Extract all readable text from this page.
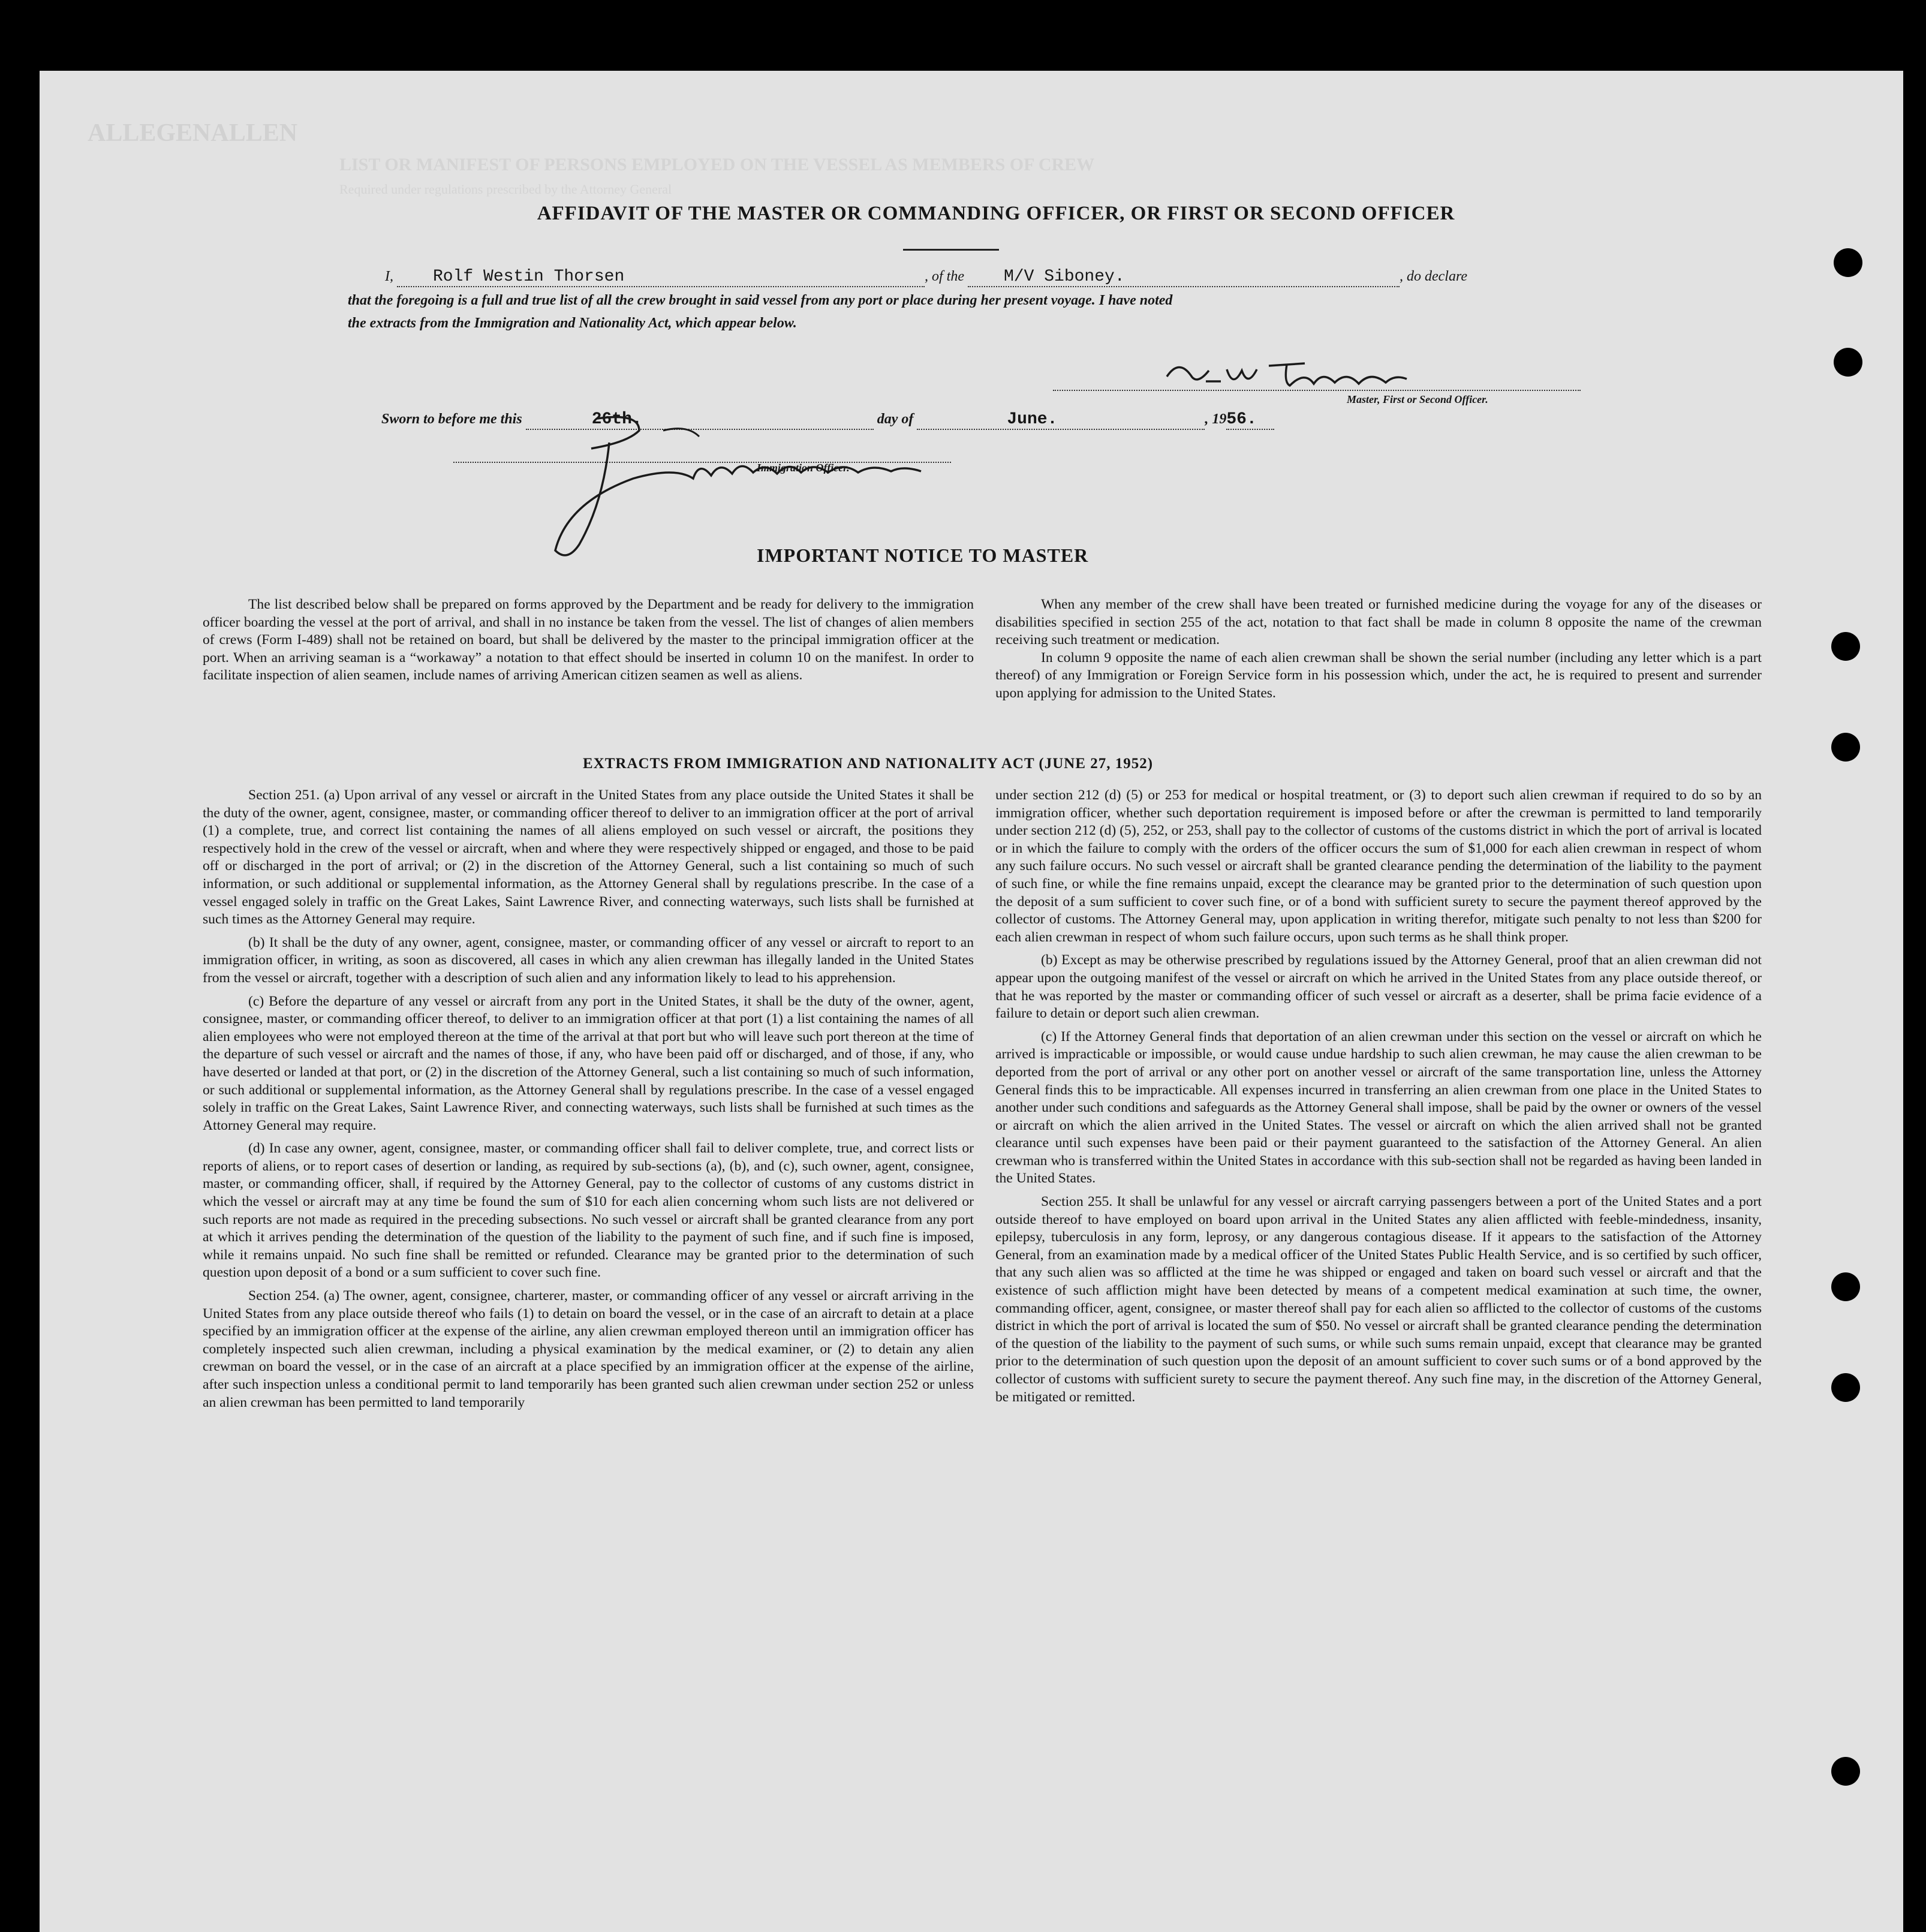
ALLEGENALLEN
LIST OR MANIFEST OF PERSONS EMPLOYED ON THE VESSEL AS MEMBERS OF CREW
Required under regulations prescribed by the Attorney General
AFFIDAVIT OF THE MASTER OR COMMANDING OFFICER, OR FIRST OR SECOND OFFICER
I, Rolf Westin Thorsen	, of the M/V Siboney.	, do declare
that the foregoing is a full and true list of all the crew brought in said vessel from any port or place during her present voyage. I have noted
the extracts from the Immigration and Nationality Act, which appear below.
Master, First or Second Officer.
Sworn to before me this	26th.	day of	June.	, 1956.
Immigration Officer.
IMPORTANT NOTICE TO MASTER

The list described below shall be prepared on forms approved by the Department and be ready for delivery to the immigration officer boarding the vessel at the port of arrival, and shall in no instance be taken from the vessel. The list of changes of alien members of crews (Form I-489) shall not be retained on board, but shall be delivered by the master to the principal immigration officer at the port. When an arriving seaman is a “workaway” a notation to that effect should be inserted in column 10 on the manifest. In order to facilitate inspection of alien seamen, include names of arriving American citizen seamen as well as aliens.

When any member of the crew shall have been treated or furnished medicine during the voyage for any of the diseases or disabilities specified in section 255 of the act, notation to that fact shall be made in column 8 opposite the name of the crewman receiving such treatment or medication.

In column 9 opposite the name of each alien crewman shall be shown the serial number (including any letter which is a part thereof) of any Immigration or Foreign Service form in his possession which, under the act, he is required to present and surrender upon applying for admission to the United States.

EXTRACTS FROM IMMIGRATION AND NATIONALITY ACT (JUNE 27, 1952)

Section 251. (a) Upon arrival of any vessel or aircraft in the United States from any place outside the United States it shall be the duty of the owner, agent, consignee, master, or commanding officer thereof to deliver to an immigration officer at the port of arrival (1) a complete, true, and correct list containing the names of all aliens employed on such vessel or aircraft, the positions they respectively hold in the crew of the vessel or aircraft, when and where they were respectively shipped or engaged, and those to be paid off or discharged in the port of arrival; or (2) in the discretion of the Attorney General, such a list containing so much of such information, or such additional or supplemental information, as the Attorney General shall by regulations prescribe. In the case of a vessel engaged solely in traffic on the Great Lakes, Saint Lawrence River, and connecting waterways, such lists shall be furnished at such times as the Attorney General may require.

(b) It shall be the duty of any owner, agent, consignee, master, or commanding officer of any vessel or aircraft to report to an immigration officer, in writing, as soon as discovered, all cases in which any alien crewman has illegally landed in the United States from the vessel or aircraft, together with a description of such alien and any information likely to lead to his apprehension.

(c) Before the departure of any vessel or aircraft from any port in the United States, it shall be the duty of the owner, agent, consignee, master, or commanding officer thereof, to deliver to an immigration officer at that port (1) a list containing the names of all alien employees who were not employed thereon at the time of the arrival at that port but who will leave such port thereon at the time of the departure of such vessel or aircraft and the names of those, if any, who have been paid off or discharged, and of those, if any, who have deserted or landed at that port, or (2) in the discretion of the Attorney General, such a list containing so much of such information, or such additional or supplemental information, as the Attorney General shall by regulations prescribe. In the case of a vessel engaged solely in traffic on the Great Lakes, Saint Lawrence River, and connecting waterways, such lists shall be furnished at such times as the Attorney General may require.

(d) In case any owner, agent, consignee, master, or commanding officer shall fail to deliver complete, true, and correct lists or reports of aliens, or to report cases of desertion or landing, as required by sub-sections (a), (b), and (c), such owner, agent, consignee, master, or commanding officer, shall, if required by the Attorney General, pay to the collector of customs of any customs district in which the vessel or aircraft may at any time be found the sum of $10 for each alien concerning whom such lists are not delivered or such reports are not made as required in the preceding subsections. No such vessel or aircraft shall be granted clearance from any port at which it arrives pending the determination of the question of the liability to the payment of such fine, and if such fine is imposed, while it remains unpaid. No such fine shall be remitted or refunded. Clearance may be granted prior to the determination of such question upon deposit of a bond or a sum sufficient to cover such fine.

Section 254. (a) The owner, agent, consignee, charterer, master, or commanding officer of any vessel or aircraft arriving in the United States from any place outside thereof who fails (1) to detain on board the vessel, or in the case of an aircraft to detain at a place specified by an immigration officer at the expense of the airline, any alien crewman employed thereon until an immigration officer has completely inspected such alien crewman, including a physical examination by the medical examiner, or (2) to detain any alien crewman on board the vessel, or in the case of an aircraft at a place specified by an immigration officer at the expense of the airline, after such inspection unless a conditional permit to land temporarily has been granted such alien crewman under section 252 or unless an alien crewman has been permitted to land temporarily

under section 212 (d) (5) or 253 for medical or hospital treatment, or (3) to deport such alien crewman if required to do so by an immigration officer, whether such deportation requirement is imposed before or after the crewman is permitted to land temporarily under section 212 (d) (5), 252, or 253, shall pay to the collector of customs of the customs district in which the port of arrival is located or in which the failure to comply with the orders of the officer occurs the sum of $1,000 for each alien crewman in respect of whom any such failure occurs. No such vessel or aircraft shall be granted clearance pending the determination of the liability to the payment of such fine, or while the fine remains unpaid, except the clearance may be granted prior to the determination of such question upon the deposit of a sum sufficient to cover such fine, or of a bond with sufficient surety to secure the payment thereof approved by the collector of customs. The Attorney General may, upon application in writing therefor, mitigate such penalty to not less than $200 for each alien crewman in respect of whom such failure occurs, upon such terms as he shall think proper.

(b) Except as may be otherwise prescribed by regulations issued by the Attorney General, proof that an alien crewman did not appear upon the outgoing manifest of the vessel or aircraft on which he arrived in the United States from any place outside thereof, or that he was reported by the master or commanding officer of such vessel or aircraft as a deserter, shall be prima facie evidence of a failure to detain or deport such alien crewman.

(c) If the Attorney General finds that deportation of an alien crewman under this section on the vessel or aircraft on which he arrived is impracticable or impossible, or would cause undue hardship to such alien crewman, he may cause the alien crewman to be deported from the port of arrival or any other port on another vessel or aircraft of the same transportation line, unless the Attorney General finds this to be impracticable. All expenses incurred in transferring an alien crewman from one place in the United States to another under such conditions and safeguards as the Attorney General shall impose, shall be paid by the owner or owners of the vessel or aircraft on which the alien arrived in the United States. The vessel or aircraft on which the alien arrived shall not be granted clearance until such expenses have been paid or their payment guaranteed to the satisfaction of the Attorney General. An alien crewman who is transferred within the United States in accordance with this sub-section shall not be regarded as having been landed in the United States.

Section 255. It shall be unlawful for any vessel or aircraft carrying passengers between a port of the United States and a port outside thereof to have employed on board upon arrival in the United States any alien afflicted with feeble-mindedness, insanity, epilepsy, tuberculosis in any form, leprosy, or any dangerous contagious disease. If it appears to the satisfaction of the Attorney General, from an examination made by a medical officer of the United States Public Health Service, and is so certified by such officer, that any such alien was so afflicted at the time he was shipped or engaged and taken on board such vessel or aircraft and that the existence of such affliction might have been detected by means of a competent medical examination at such time, the owner, commanding officer, agent, consignee, or master thereof shall pay for each alien so afflicted to the collector of customs of the customs district in which the port of arrival is located the sum of $50. No vessel or aircraft shall be granted clearance pending the determination of the question of the liability to the payment of such sums, or while such sums remain unpaid, except that clearance may be granted prior to the determination of such question upon the deposit of an amount sufficient to cover such sums or of a bond approved by the collector of customs with sufficient surety to secure the payment thereof. Any such fine may, in the discretion of the Attorney General, be mitigated or remitted.
